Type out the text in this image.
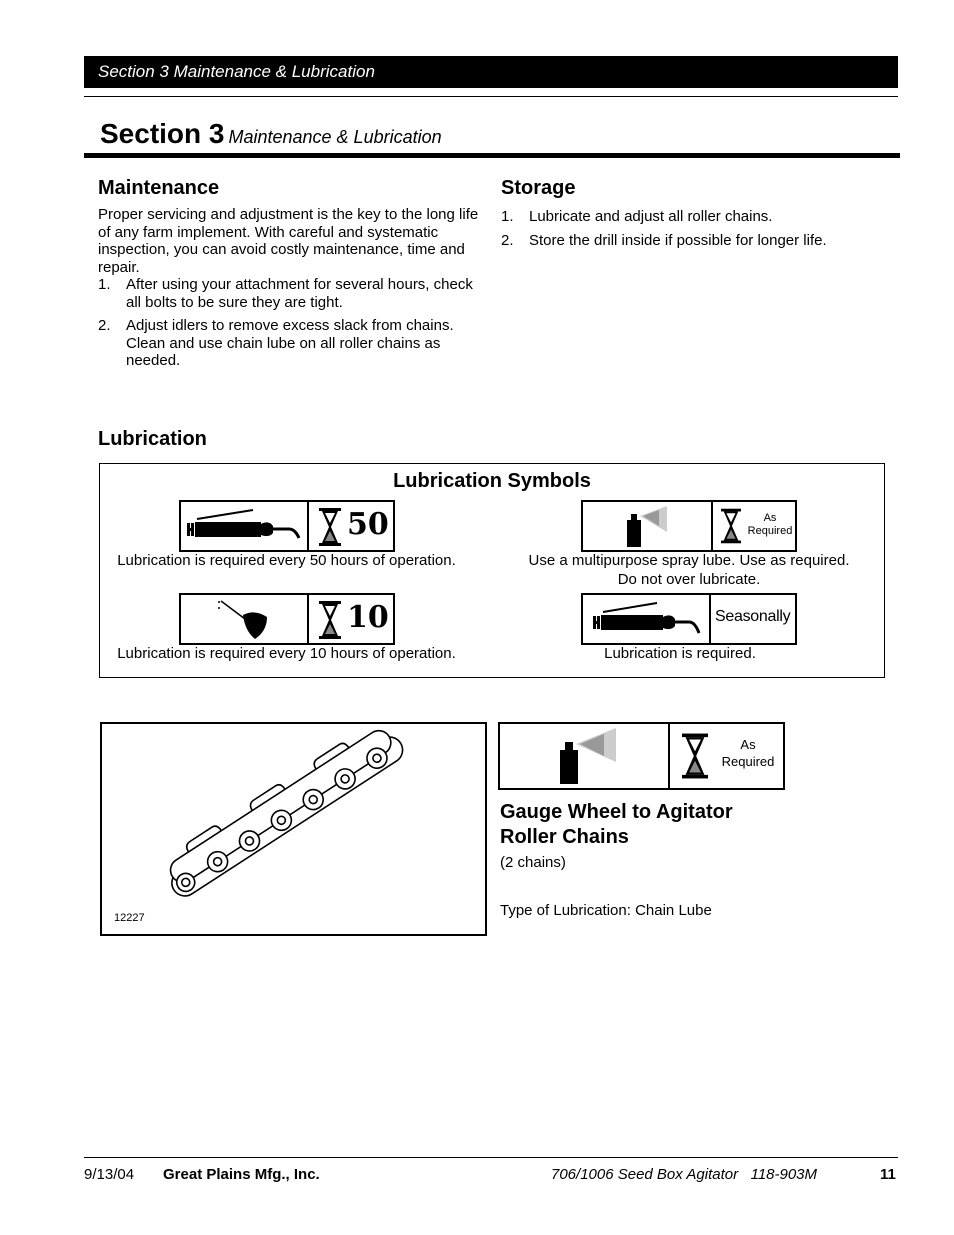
Section 3 Maintenance & Lubrication
Section 3 Maintenance & Lubrication
Maintenance
Proper servicing and adjustment is the key to the long life of any farm implement. With careful and systematic inspection, you can avoid costly maintenance, time and repair.
1. After using your attachment for several hours, check all bolts to be sure they are tight.
2. Adjust idlers to remove excess slack from chains. Clean and use chain lube on all roller chains as needed.
Storage
1. Lubricate and adjust all roller chains.
2. Store the drill inside if possible for longer life.
Lubrication
Lubrication Symbols
50
Lubrication is required every 50 hours of operation.
As Required
Use a multipurpose spray lube. Use as required.
Do not over lubricate.
10
Lubrication is required every 10 hours of operation.
Seasonally
Lubrication is required.
12227
As
Required
Gauge Wheel to Agitator
Roller Chains
(2 chains)
Type of Lubrication: Chain Lube
9/13/04 Great Plains Mfg., Inc.	706/1006 Seed Box Agitator   118-903M	11
